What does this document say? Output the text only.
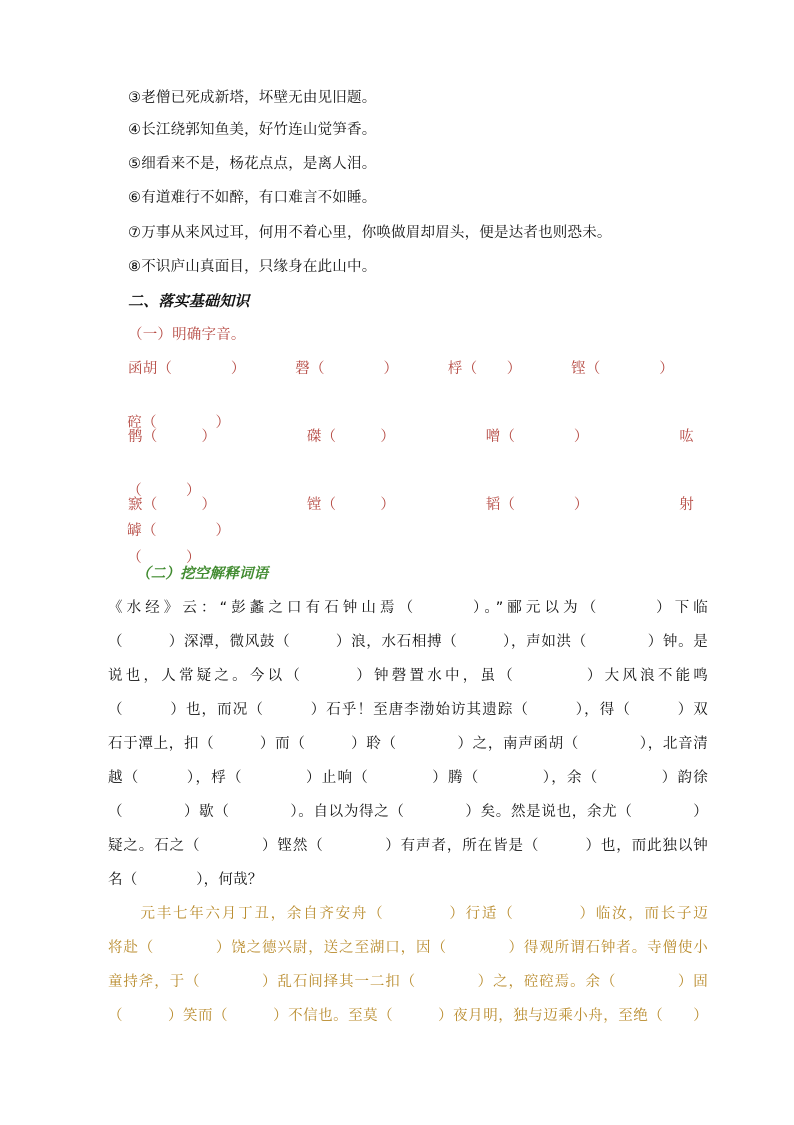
③老僧已死成新塔，坏壁无由见旧题。
④长江绕郭知鱼美，好竹连山觉笋香。
⑤细看来不是，杨花点点，是离人泪。
⑥有道难行不如醉，有口难言不如睡。
⑦万事从来风过耳，何用不着心里，你唤做眉却眉头，便是达者也则恐未。
⑧不识庐山真面目，只缘身在此山中。
二、落实基础知识
（一）明确字音。
函胡（　　　　）	磬（　　　　）	桴（　　）	铿（　　　　）

硿（　　　　）

鹘（　　　）	磔（　　　）	噌（　　　　）	吰

（　　　）

罅（　　　　）

窾（　　　）	镗（　　　）	韬（　　　　）	射

（　　　）

（二）挖空解释词语
《水经》云：“彭蠡之口有石钟山焉（　　　）。”郦元以为（　　　）下临
（　　　）深潭，微风鼓（　　　）浪，水石相搏（　　　），声如洪（　　　　）钟。是
说也，人常疑之。今以（　　　）钟磬置水中，虽（　　　　）大风浪不能鸣
（　　　）也，而况（　　　）石乎！至唐李渤始访其遗踪（　　　），得（　　　）双
石于潭上，扣（　　　）而（　　　）聆（　　　　）之，南声函胡（　　　　），北音清
越（　　　），桴（　　　　）止响（　　　　）腾（　　　　），余（　　　　）韵徐
（　　　　）歇（　　　　）。自以为得之（　　　　）矣。然是说也，余尤（　　　　）
疑之。石之（　　　　）铿然（　　　　）有声者，所在皆是（　　　）也，而此独以钟
名（　　　　），何哉？
　　元丰七年六月丁丑，余自齐安舟（　　　　）行适（　　　　）临汝，而长子迈
将赴（　　　　）饶之德兴尉，送之至湖口，因（　　　　）得观所谓石钟者。寺僧使小
童持斧，于（　　　　）乱石间择其一二扣（　　　　）之，硿硿焉。余（　　　　）固
（　　　）笑而（　　　）不信也。至莫（　　　）夜月明，独与迈乘小舟，至绝（　　）
